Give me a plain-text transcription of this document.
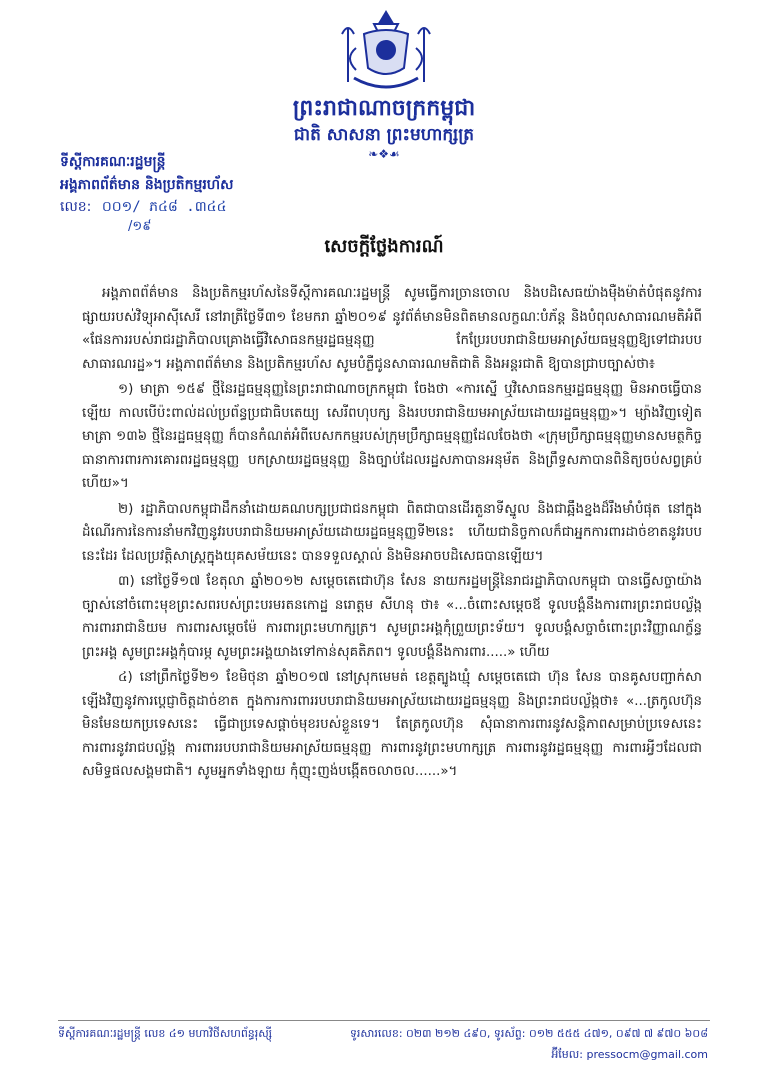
ព្រះរាជាណាចក្រកម្ពុជា
ជាតិ សាសនា ព្រះមហាក្សត្រ
❧❖☙
ទីស្តីការគណៈរដ្ឋមន្ត្រី
អង្គភាពព័ត៌មាន និងប្រតិកម្មរហ័ស
លេខ: ០០១/ ភ៤៨ .៣៤៤
/១៩
សេចក្តីថ្លែងការណ៍

អង្គភាពព័ត៌មាន និងប្រតិកម្មរហ័សនៃទីស្តីការគណៈរដ្ឋមន្ត្រី សូមធ្វើការច្រានចោល និងបដិសេធយ៉ាងម៉ឺងម៉ាត់បំផុតនូវការផ្សាយរបស់វិទ្យុអាស៊ីសេរី នៅរាត្រីថ្ងៃទី៣១ ខែមករា ឆ្នាំ២០១៩ នូវព័ត៌មានមិនពិតមានលក្ខណៈបំភ័ន្ត និងបំពុលសាធារណមតិអំពី «ផែនការរបស់រាជរដ្ឋាភិបាលគ្រោងធ្វើវិសោធនកម្មរដ្ឋធម្មនុញ្ញ កែប្រែរបបរាជានិយមអាស្រ័យធម្មនុញ្ញឱ្យទៅជារបបសាធារណរដ្ឋ»។ អង្គភាពព័ត៌មាន និងប្រតិកម្មរហ័ស សូមបំភ្លឺជូនសាធារណមតិជាតិ និងអន្តរជាតិ ឱ្យបានជ្រាបច្បាស់ថា៖

១) មាត្រា ១៥៩ ថ្មីនៃរដ្ឋធម្មនុញ្ញនៃព្រះរាជាណាចក្រកម្ពុជា ចែងថា «ការស្នើ ឬវិសោធនកម្មរដ្ឋធម្មនុញ្ញ មិនអាចធ្វើបានឡើយ កាលបើប៉ះពាល់ដល់ប្រព័ន្ធប្រជាធិបតេយ្យ សេរីពហុបក្ស និងរបបរាជានិយមអាស្រ័យដោយរដ្ឋធម្មនុញ្ញ»។ ម្យ៉ាងវិញទៀត មាត្រា ១៣៦ ថ្មីនៃរដ្ឋធម្មនុញ្ញ ក៏បានកំណត់អំពីបេសកកម្មរបស់ក្រុមប្រឹក្សាធម្មនុញ្ញដែលចែងថា «ក្រុមប្រឹក្សាធម្មនុញ្ញមានសមត្ថកិច្ចធានាការពារការគោរពរដ្ឋធម្មនុញ្ញ បកស្រាយរដ្ឋធម្មនុញ្ញ និងច្បាប់ដែលរដ្ឋសភាបានអនុម័ត និងព្រឹទ្ធសភាបានពិនិត្យចប់សព្វគ្រប់ហើយ»។

២) រដ្ឋាភិបាលកម្ពុជាដឹកនាំដោយគណបក្សប្រជាជនកម្ពុជា ពិតជាបានដើរតួនាទីស្នូល និងជាឆ្អឹងខ្នងដ៏រឹងមាំបំផុត នៅក្នុងដំណើរការនៃការនាំមកវិញនូវរបបរាជានិយមអាស្រ័យដោយរដ្ឋធម្មនុញ្ញទី២នេះ ហើយជានិច្ចកាលក៏ជាអ្នកការពារដាច់ខាតនូវរបបនេះដែរ ដែលប្រវត្តិសាស្ត្រក្នុងយុគសម័យនេះ បានទទួលស្គាល់ និងមិនអាចបដិសេធបានឡើយ។

៣) នៅថ្ងៃទី១៧ ខែតុលា ឆ្នាំ២០១២ សម្តេចតេជោហ៊ុន សែន នាយករដ្ឋមន្ត្រីនៃរាជរដ្ឋាភិបាលកម្ពុជា បានធ្វើសច្ចាយ៉ាងច្បាស់នៅចំពោះមុខព្រះសពរបស់ព្រះបរមរតនកោដ្ឋ នរោត្តម សីហនុ ថា៖ «...ចំពោះសម្តេចឪ ទូលបង្គំនឹងការពារព្រះរាជបល្ល័ង្ក ការពាររាជានិយម ការពារសម្តេចម៉ែ ការពារព្រះមហាក្សត្រ។ សូមព្រះអង្គកុំព្រួយព្រះទ័យ។ ទូលបង្គំសច្ចាចំពោះព្រះវិញ្ញាណក្ខ័ន្ធព្រះអង្គ សូមព្រះអង្គកុំបារម្ភ សូមព្រះអង្គយាងទៅកាន់សុគតិភព។ ទូលបង្គំនឹងការពារ.....» ហើយ

៤) នៅព្រឹកថ្ងៃទី២១ ខែមិថុនា ឆ្នាំ២០១៧ នៅស្រុកមេមត់ ខេត្តត្បូងឃ្មុំ សម្តេចតេជោ ហ៊ុន សែន បានគូសបញ្ជាក់សាឡើងវិញនូវការប្តេជ្ញាចិត្តដាច់ខាត ក្នុងការការពាររបបរាជានិយមអាស្រ័យដោយរដ្ឋធម្មនុញ្ញ និងព្រះរាជបល្ល័ង្កថា៖ «...ត្រកូលហ៊ុន មិនមែនយកប្រទេសនេះ ធ្វើជាប្រទេសផ្តាច់មុខរបស់ខ្លួនទេ។ តែត្រកូលហ៊ុន សុំធានាការពារនូវសន្តិភាពសម្រាប់ប្រទេសនេះ ការពារនូវរាជបល្ល័ង្ក ការពាររបបរាជានិយមអាស្រ័យធម្មនុញ្ញ ការពារនូវព្រះមហាក្សត្រ ការពារនូវរដ្ឋធម្មនុញ្ញ ការពារអ្វីៗដែលជាសមិទ្ធផលសង្គមជាតិ។ សូមអ្នកទាំងឡាយ កុំញុះញង់បង្កើតចលាចល......»។

ទីស្តីការគណៈរដ្ឋមន្ត្រី លេខ ៤១ មហាវិថីសហព័ន្ធរុស្ស៊ី	ទូរសារលេខ: ០២៣ ២១២ ៤៩០, ទូរស័ព្ទ: ០១២ ៥៥៥ ៤៧១, ០៩៧ ៧ ៩៧០ ៦០៨
អ៊ីមែល: pressocm@gmail.com
